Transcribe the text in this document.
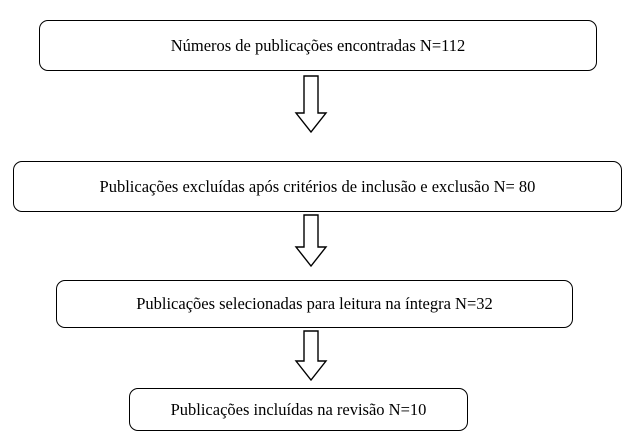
Números de publicações encontradas N=112
Publicações excluídas após critérios de inclusão e exclusão N= 80
Publicações selecionadas para leitura na íntegra N=32
Publicações incluídas na revisão N=10
